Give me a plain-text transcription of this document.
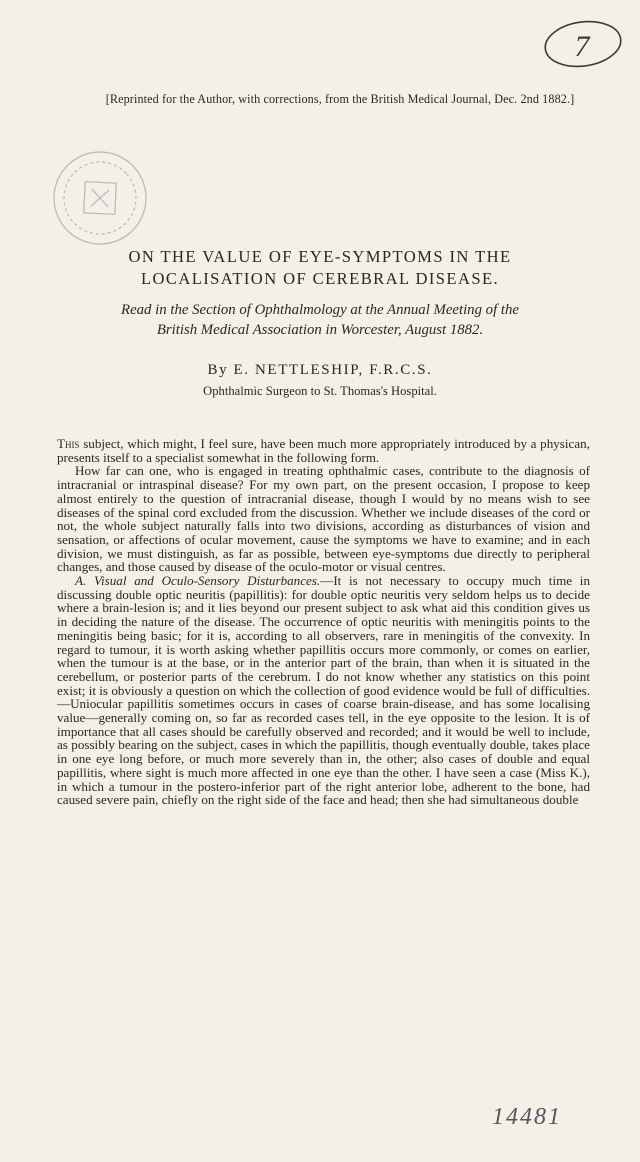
7
[Reprinted for the Author, with corrections, from the British Medical Journal, Dec. 2nd 1882.]
ON THE VALUE OF EYE-SYMPTOMS IN THE
LOCALISATION OF CEREBRAL DISEASE.
Read in the Section of Ophthalmology at the Annual Meeting of the
British Medical Association in Worcester, August 1882.
By E. NETTLESHIP, F.R.C.S.
Ophthalmic Surgeon to St. Thomas's Hospital.

This subject, which might, I feel sure, have been much more appropriately introduced by a physican, presents itself to a specialist somewhat in the following form.

How far can one, who is engaged in treating ophthalmic cases, contribute to the diagnosis of intracranial or intraspinal disease? For my own part, on the present occasion, I propose to keep almost entirely to the question of intracranial disease, though I would by no means wish to see diseases of the spinal cord excluded from the discussion. Whether we include diseases of the cord or not, the whole subject naturally falls into two divisions, according as disturbances of vision and sensation, or affections of ocular movement, cause the symptoms we have to examine; and in each division, we must distinguish, as far as possible, between eye-symptoms due directly to peripheral changes, and those caused by disease of the oculo-motor or visual centres.

A. Visual and Oculo-Sensory Disturbances.—It is not necessary to occupy much time in discussing double optic neuritis (papillitis): for double optic neuritis very seldom helps us to decide where a brain-lesion is; and it lies beyond our present subject to ask what aid this condition gives us in deciding the nature of the disease. The occurrence of optic neuritis with meningitis points to the meningitis being basic; for it is, according to all observers, rare in meningitis of the convexity. In regard to tumour, it is worth asking whether papillitis occurs more commonly, or comes on earlier, when the tumour is at the base, or in the anterior part of the brain, than when it is situated in the cerebellum, or posterior parts of the cerebrum. I do not know whether any statistics on this point exist; it is obviously a question on which the collection of good evidence would be full of difficulties.—Uniocular papillitis sometimes occurs in cases of coarse brain-disease, and has some localising value—generally coming on, so far as recorded cases tell, in the eye opposite to the lesion. It is of importance that all cases should be carefully observed and recorded; and it would be well to include, as possibly bearing on the subject, cases in which the papillitis, though eventually double, takes place in one eye long before, or much more severely than in, the other; also cases of double and equal papillitis, where sight is much more affected in one eye than the other. I have seen a case (Miss K.), in which a tumour in the postero-inferior part of the right anterior lobe, adherent to the bone, had caused severe pain, chiefly on the right side of the face and head; then she had simultaneous double

14481
